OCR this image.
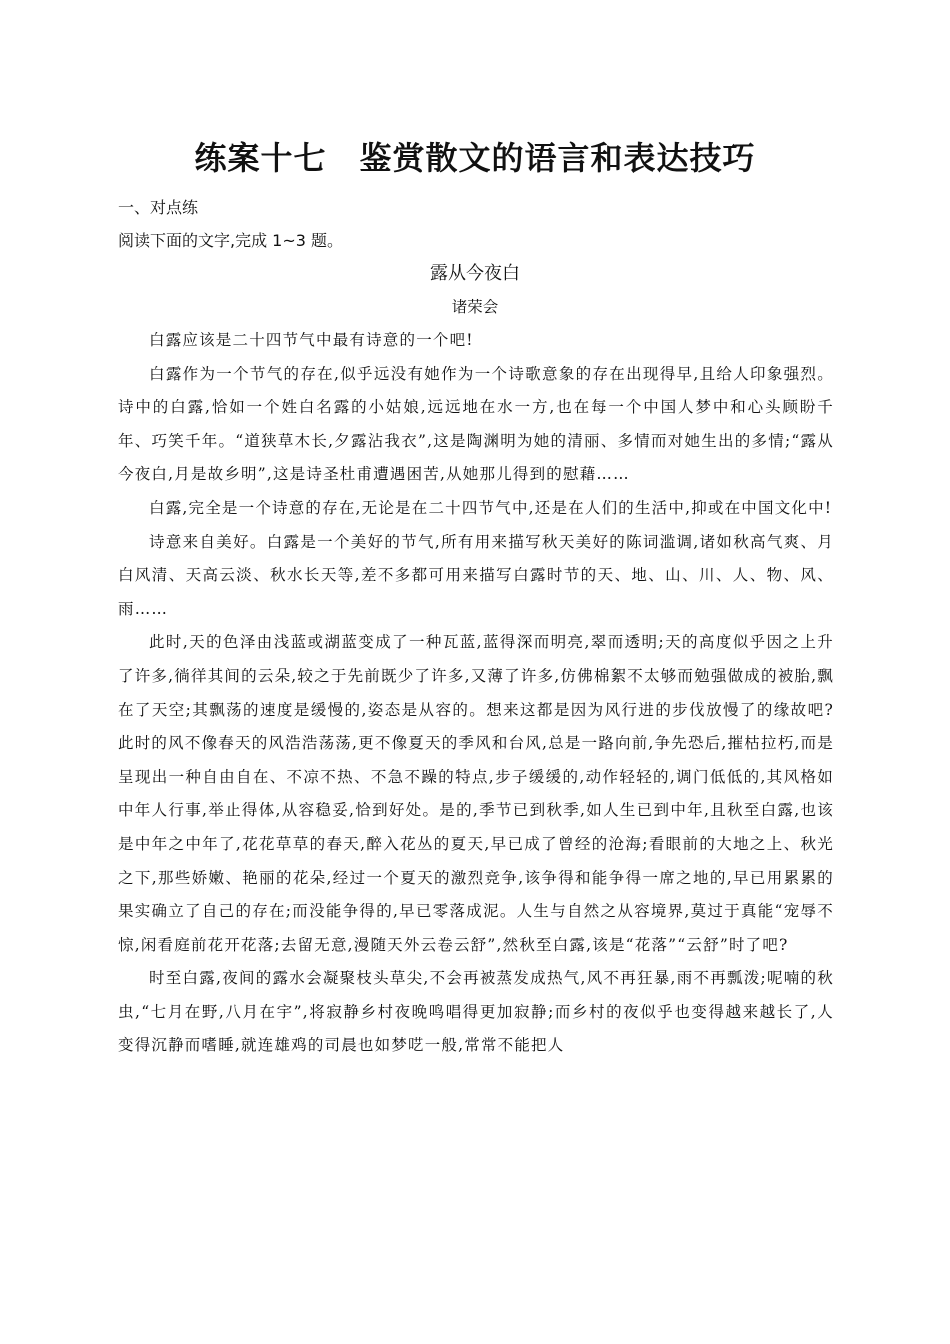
练案十七　鉴赏散文的语言和表达技巧
一、对点练
阅读下面的文字,完成 1~3 题。
露从今夜白
诸荣会

白露应该是二十四节气中最有诗意的一个吧!

白露作为一个节气的存在,似乎远没有她作为一个诗歌意象的存在出现得早,且给人印象强烈。诗中的白露,恰如一个姓白名露的小姑娘,远远地在水一方,也在每一个中国人梦中和心头顾盼千年、巧笑千年。“道狭草木长,夕露沾我衣”,这是陶渊明为她的清丽、多情而对她生出的多情;“露从今夜白,月是故乡明”,这是诗圣杜甫遭遇困苦,从她那儿得到的慰藉……

白露,完全是一个诗意的存在,无论是在二十四节气中,还是在人们的生活中,抑或在中国文化中!

诗意来自美好。白露是一个美好的节气,所有用来描写秋天美好的陈词滥调,诸如秋高气爽、月白风清、天高云淡、秋水长天等,差不多都可用来描写白露时节的天、地、山、川、人、物、风、雨……

此时,天的色泽由浅蓝或湖蓝变成了一种瓦蓝,蓝得深而明亮,翠而透明;天的高度似乎因之上升了许多,徜徉其间的云朵,较之于先前既少了许多,又薄了许多,仿佛棉絮不太够而勉强做成的被胎,飘在了天空;其飘荡的速度是缓慢的,姿态是从容的。想来这都是因为风行进的步伐放慢了的缘故吧?此时的风不像春天的风浩浩荡荡,更不像夏天的季风和台风,总是一路向前,争先恐后,摧枯拉朽,而是呈现出一种自由自在、不凉不热、不急不躁的特点,步子缓缓的,动作轻轻的,调门低低的,其风格如中年人行事,举止得体,从容稳妥,恰到好处。是的,季节已到秋季,如人生已到中年,且秋至白露,也该是中年之中年了,花花草草的春天,醉入花丛的夏天,早已成了曾经的沧海;看眼前的大地之上、秋光之下,那些娇嫩、艳丽的花朵,经过一个夏天的激烈竞争,该争得和能争得一席之地的,早已用累累的果实确立了自己的存在;而没能争得的,早已零落成泥。人生与自然之从容境界,莫过于真能“宠辱不惊,闲看庭前花开花落;去留无意,漫随天外云卷云舒”,然秋至白露,该是“花落”“云舒”时了吧?

时至白露,夜间的露水会凝聚枝头草尖,不会再被蒸发成热气,风不再狂暴,雨不再瓢泼;呢喃的秋虫,“七月在野,八月在宇”,将寂静乡村夜晚鸣唱得更加寂静;而乡村的夜似乎也变得越来越长了,人变得沉静而嗜睡,就连雄鸡的司晨也如梦呓一般,常常不能把人
